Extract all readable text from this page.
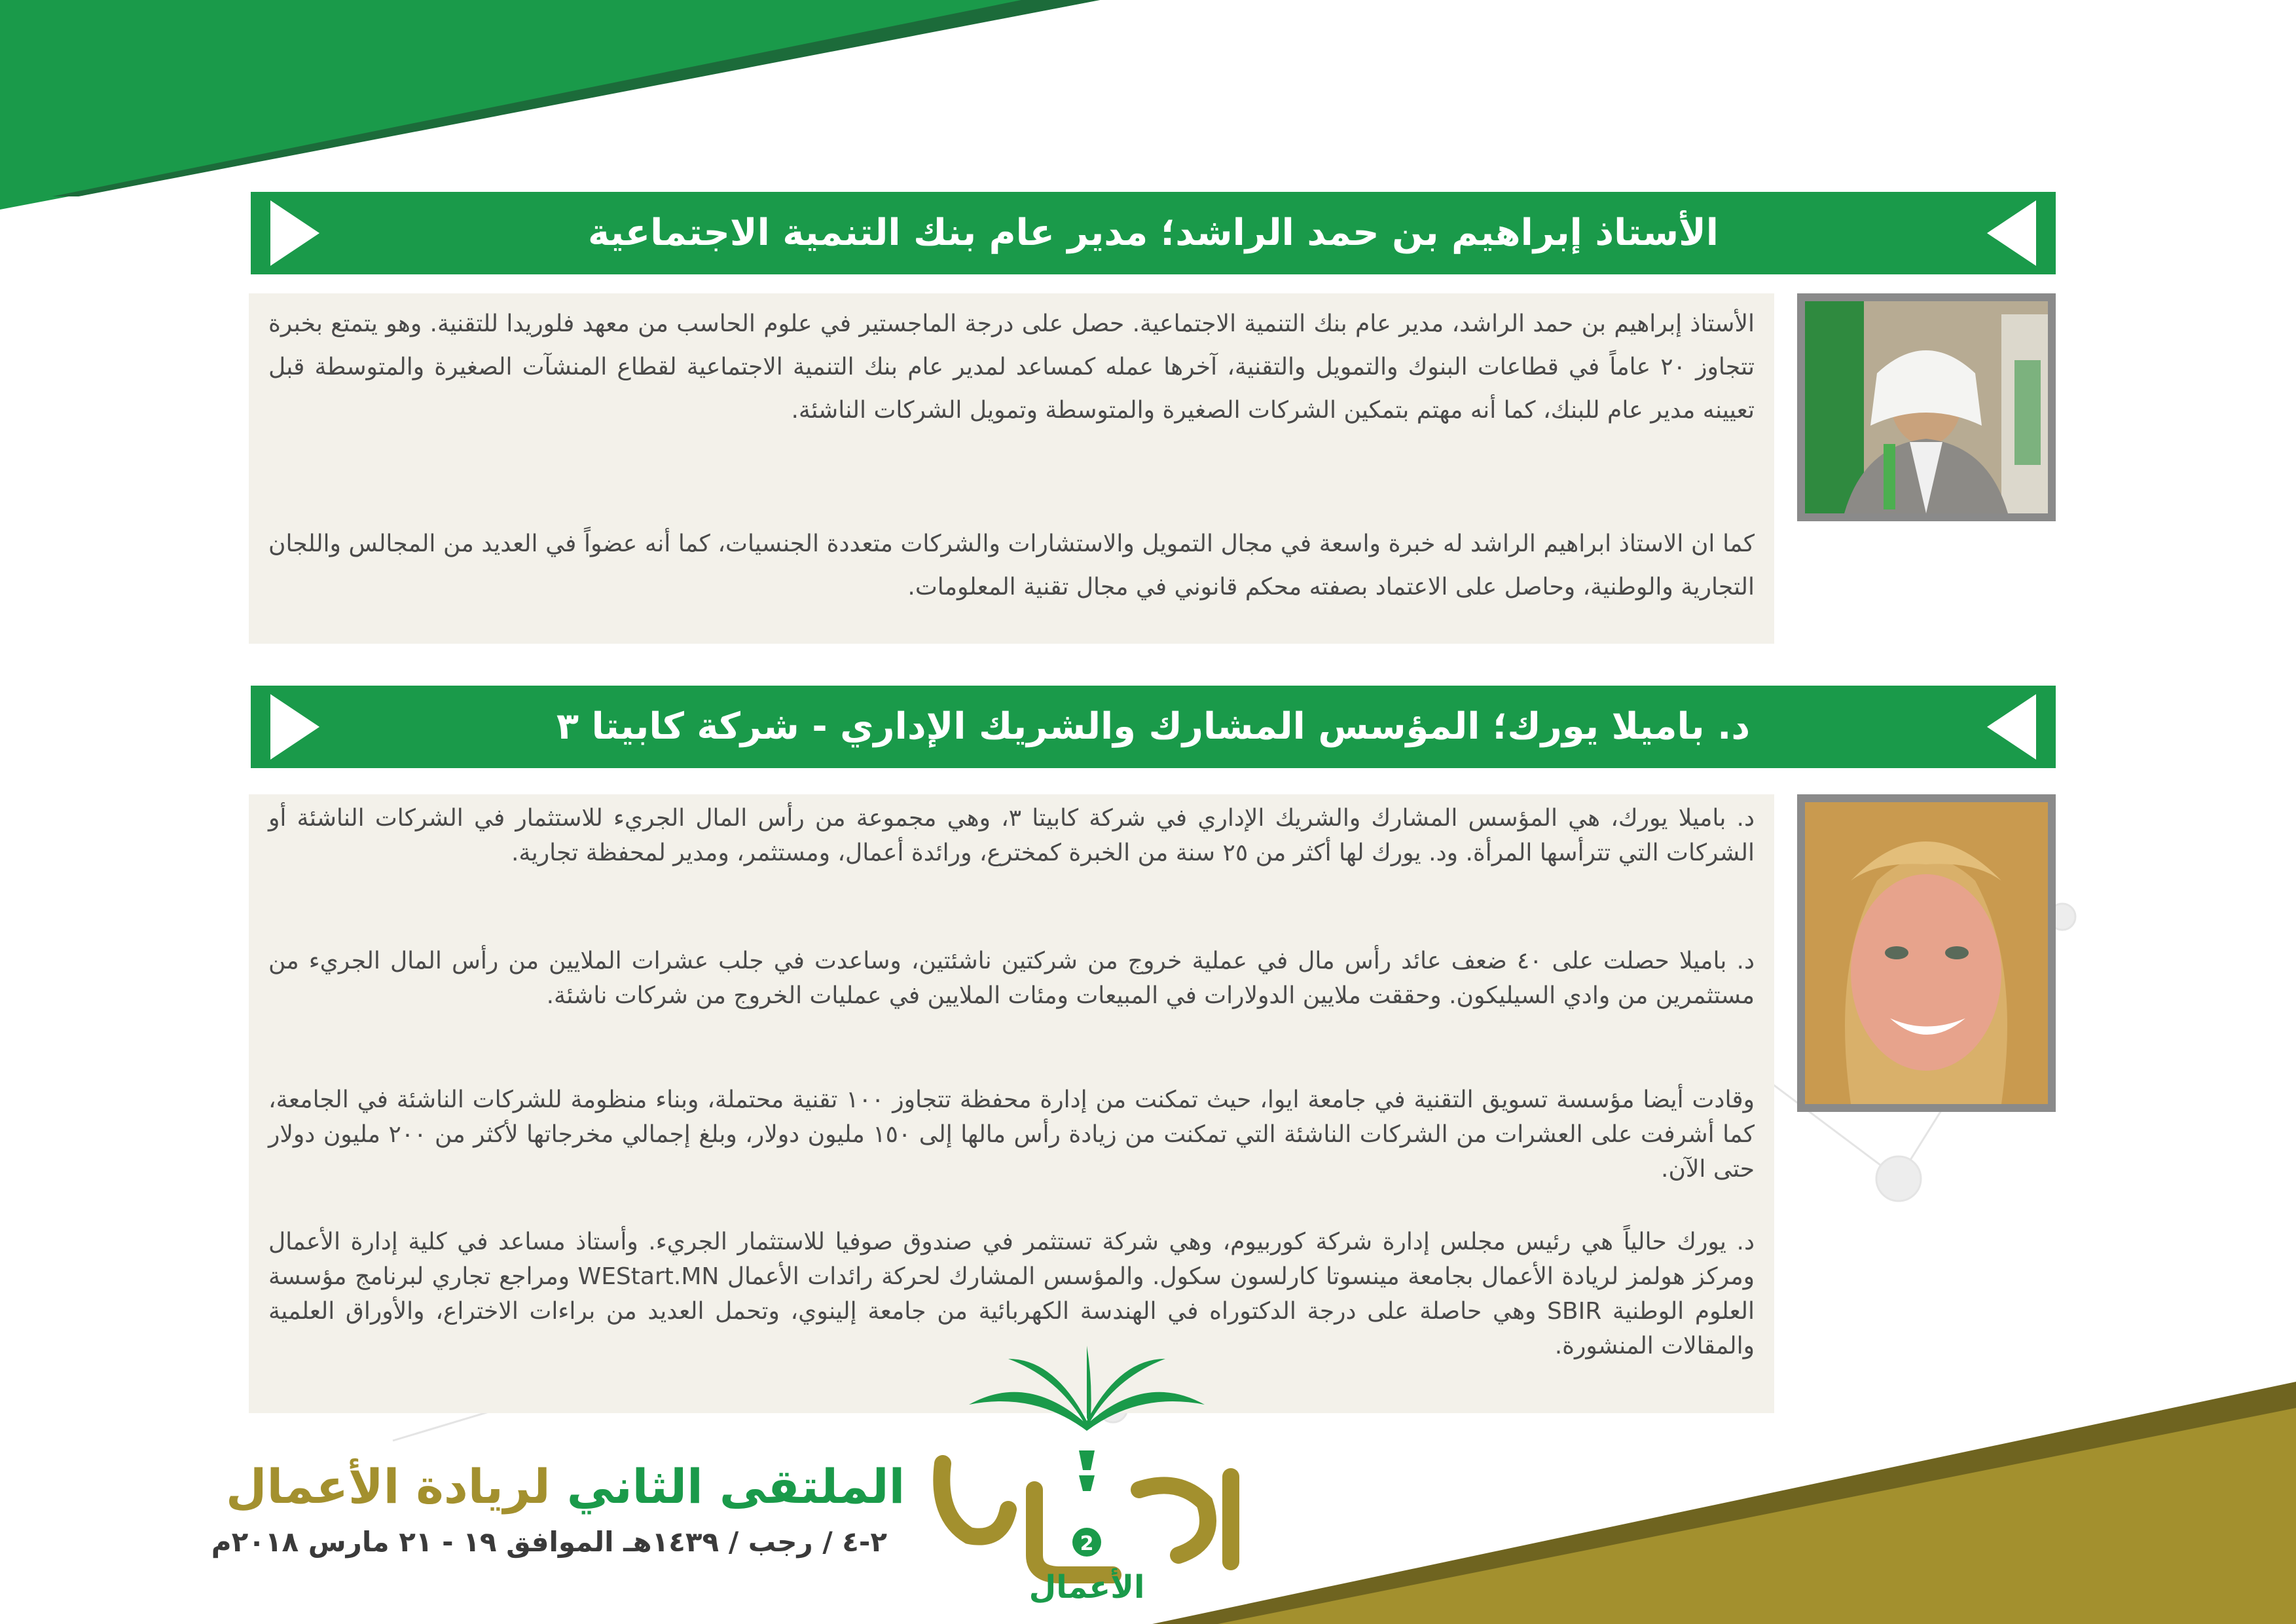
الأستاذ إبراهيم بن حمد الراشد؛ مدير عام بنك التنمية الاجتماعية
الأستاذ إبراهيم بن حمد الراشد، مدير عام بنك التنمية الاجتماعية. حصل على درجة الماجستير في علوم الحاسب من معهد فلوريدا للتقنية. وهو يتمتع بخبرة تتجاوز ٢٠ عاماً في قطاعات البنوك والتمويل والتقنية، آخرها عمله كمساعد لمدير عام بنك التنمية الاجتماعية لقطاع المنشآت الصغيرة والمتوسطة قبل تعيينه مدير عام للبنك، كما أنه مهتم بتمكين الشركات الصغيرة والمتوسطة وتمويل الشركات الناشئة.
كما ان الاستاذ ابراهيم الراشد له خبرة واسعة في مجال التمويل والاستشارات والشركات متعددة الجنسيات، كما أنه عضواً في العديد من المجالس واللجان التجارية والوطنية، وحاصل على الاعتماد بصفته محكم قانوني في مجال تقنية المعلومات.
د. باميلا يورك؛ المؤسس المشارك والشريك الإداري - شركة كابيتا ٣
د. باميلا يورك، هي المؤسس المشارك والشريك الإداري في شركة كابيتا ٣، وهي مجموعة من رأس المال الجريء للاستثمار في الشركات الناشئة أو الشركات التي تترأسها المرأة. ود. يورك لها أكثر من ٢٥ سنة من الخبرة كمخترع، ورائدة أعمال، ومستثمر، ومدير لمحفظة تجارية.
د. باميلا حصلت على ٤٠ ضعف عائد رأس مال في عملية خروج من شركتين ناشئتين، وساعدت في جلب عشرات الملايين من رأس المال الجريء من مستثمرين من وادي السيليكون. وحققت ملايين الدولارات في المبيعات ومئات الملايين في عمليات الخروج من شركات ناشئة.
وقادت أيضا مؤسسة تسويق التقنية في جامعة ايوا، حيث تمكنت من إدارة محفظة تتجاوز ١٠٠ تقنية محتملة، وبناء منظومة للشركات الناشئة في الجامعة، كما أشرفت على العشرات من الشركات الناشئة التي تمكنت من زيادة رأس مالها إلى ١٥٠ مليون دولار، وبلغ إجمالي مخرجاتها لأكثر من ٢٠٠ مليون دولار حتى الآن.
د. يورك حالياً هي رئيس مجلس إدارة شركة كوربيوم، وهي شركة تستثمر في صندوق صوفيا للاستثمار الجريء. وأستاذ مساعد في كلية إدارة الأعمال ومركز هولمز لريادة الأعمال بجامعة مينسوتا كارلسون سكول. والمؤسس المشارك لحركة رائدات الأعمال WEStart.MN ومراجع تجاري لبرنامج مؤسسة العلوم الوطنية SBIR وهي حاصلة على درجة الدكتوراه في الهندسة الكهربائية من جامعة إلينوي، وتحمل العديد من براءات الاختراع، والأوراق العلمية والمقالات المنشورة.
الملتقى الثاني لريادة الأعمال
٢-٤ / رجب / ١٤٣٩هـ الموافق ١٩ - ٢١ مارس ٢٠١٨م	2
الأعمال
